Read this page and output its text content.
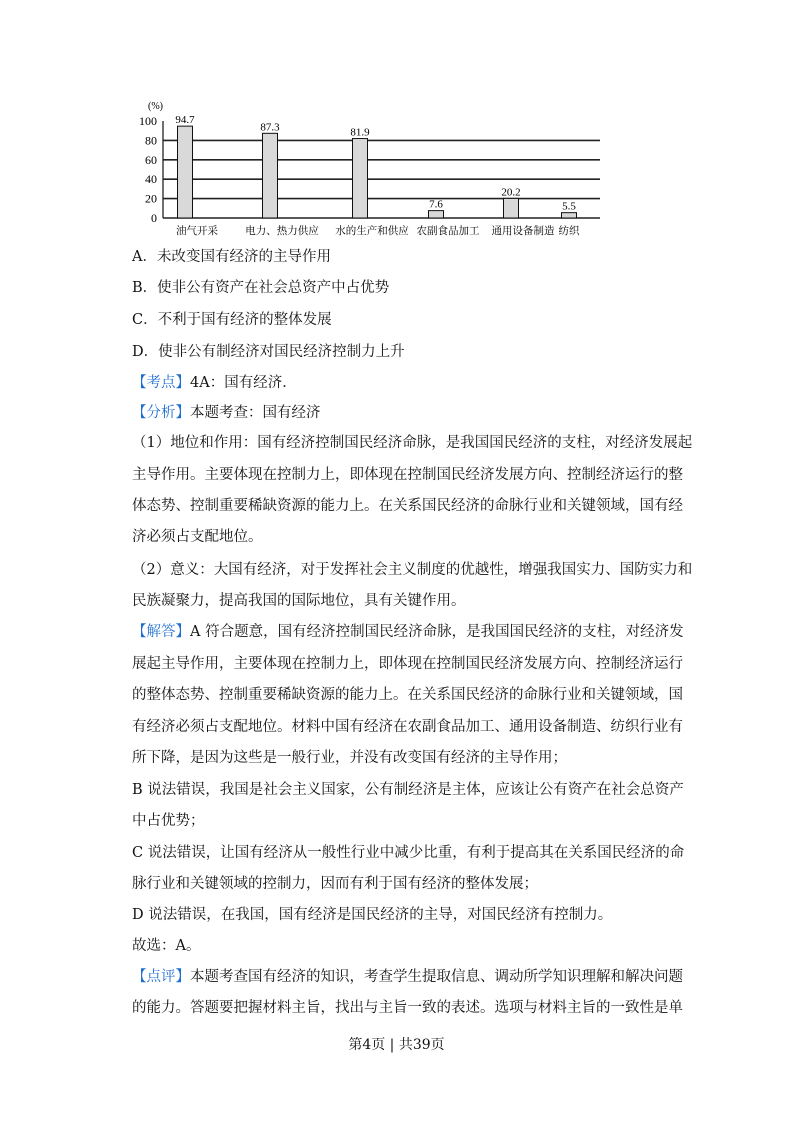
(%)
0
20
40
60
80
100 94.7
油气开采
87.3
电力、热力供应
81.9
水的生产和供应
7.6
农副食品加工
20.2
通用设备制造
5.5
纺织
A．未改变国有经济的主导作用
B．使非公有资产在社会总资产中占优势
C．不利于国有经济的整体发展
D．使非公有制经济对国民经济控制力上升
【考点】4A：国有经济．
【分析】本题考查：国有经济
（1）地位和作用：国有经济控制国民经济命脉，是我国国民经济的支柱，对经济发展起
主导作用。主要体现在控制力上，即体现在控制国民经济发展方向、控制经济运行的整
体态势、控制重要稀缺资源的能力上。在关系国民经济的命脉行业和关键领域，国有经
济必须占支配地位。
（2）意义：大国有经济，对于发挥社会主义制度的优越性，增强我国实力、国防实力和
民族凝聚力，提高我国的国际地位，具有关键作用。
【解答】A 符合题意，国有经济控制国民经济命脉，是我国国民经济的支柱，对经济发
展起主导作用，主要体现在控制力上，即体现在控制国民经济发展方向、控制经济运行
的整体态势、控制重要稀缺资源的能力上。在关系国民经济的命脉行业和关键领域，国
有经济必须占支配地位。材料中国有经济在农副食品加工、通用设备制造、纺织行业有
所下降，是因为这些是一般行业，并没有改变国有经济的主导作用；
B 说法错误，我国是社会主义国家，公有制经济是主体，应该让公有资产在社会总资产
中占优势；
C 说法错误，让国有经济从一般性行业中减少比重，有利于提高其在关系国民经济的命
脉行业和关键领域的控制力，因而有利于国有经济的整体发展；
D 说法错误，在我国，国有经济是国民经济的主导，对国民经济有控制力。
故选：A。
【点评】本题考查国有经济的知识，考查学生提取信息、调动所学知识理解和解决问题
的能力。答题要把握材料主旨，找出与主旨一致的表述。选项与材料主旨的一致性是单
第4页 | 共39页
